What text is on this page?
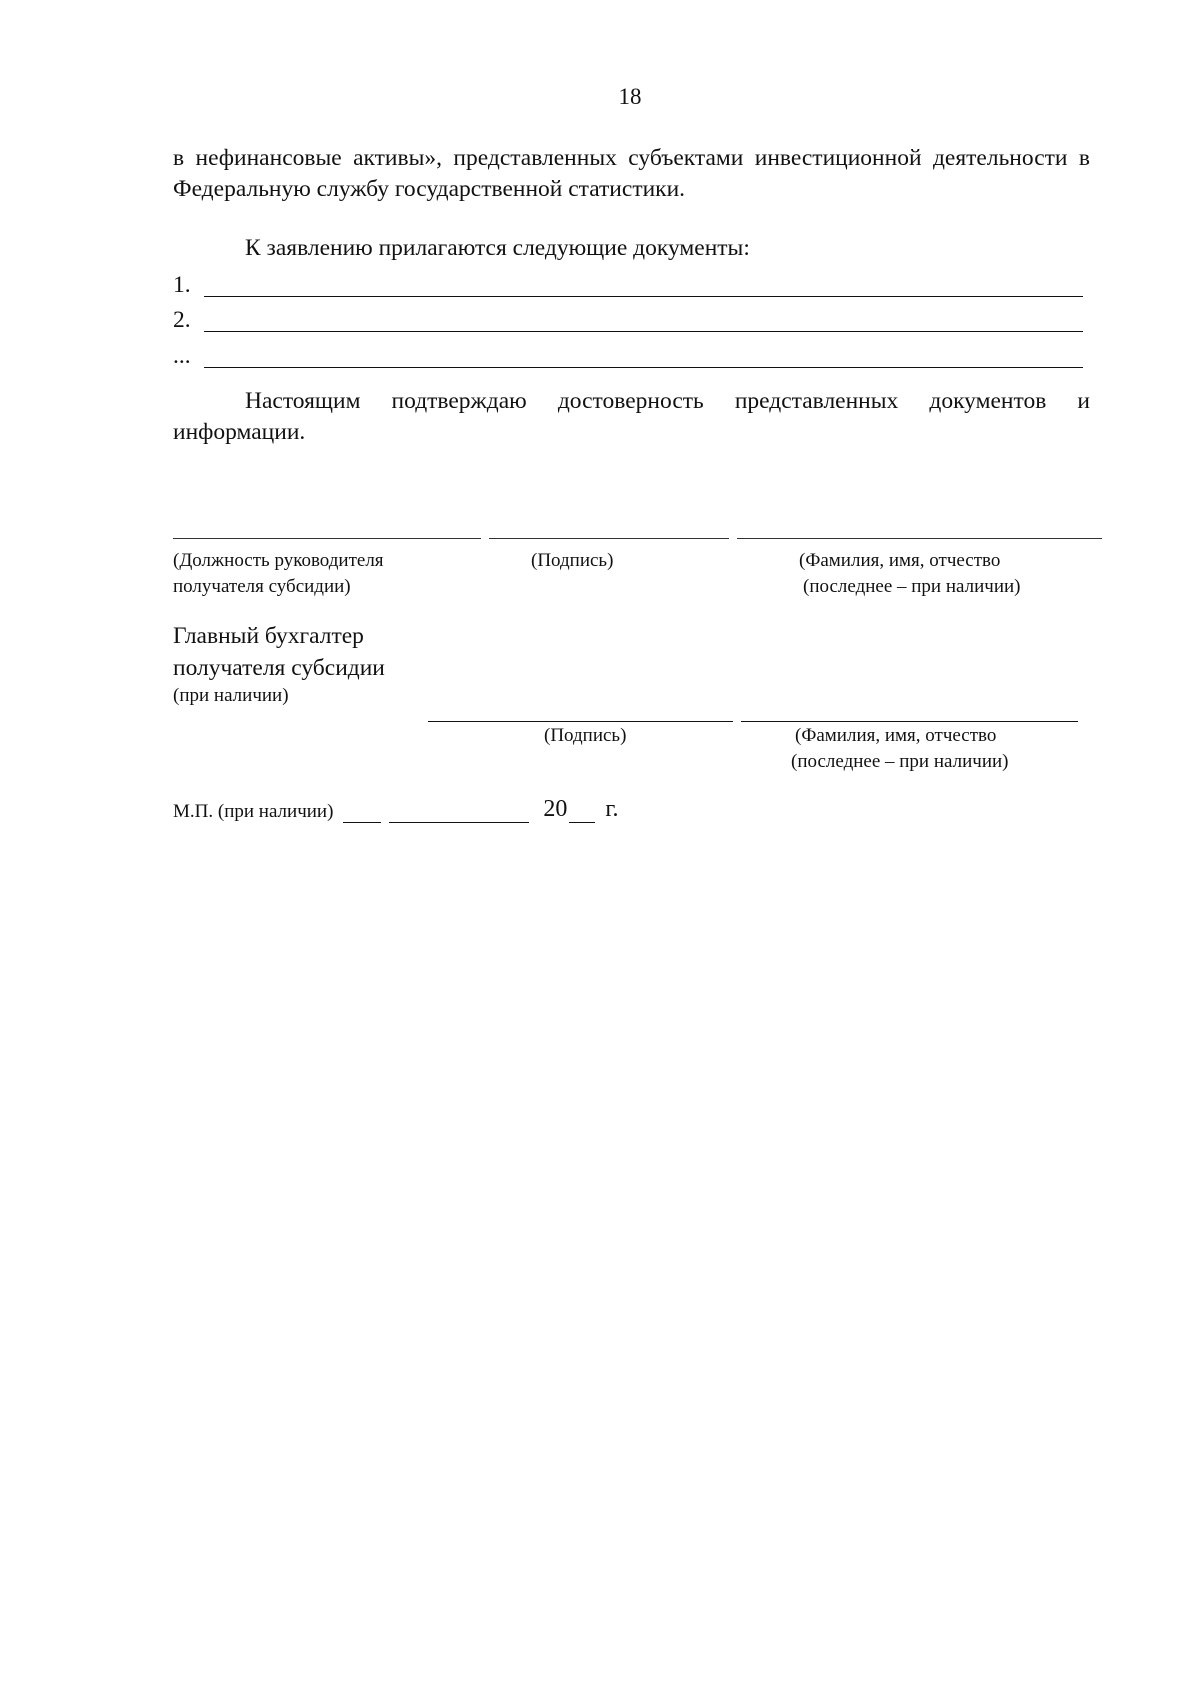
18
в нефинансовые активы», представленных субъектами инвестиционной деятельности в Федеральную службу государственной статистики.
К заявлению прилагаются следующие документы:
1.
2.
...
Настоящим подтверждаю достоверность представленных документов и информации.
(Должность руководителя
получателя субсидии)
(Подпись)	(Фамилия, имя, отчество
(последнее – при наличии)
Главный бухгалтер
получателя субсидии
(при наличии)
(Подпись)	(Фамилия, имя, отчество
(последнее – при наличии)
М.П. (при наличии)	20 г.
